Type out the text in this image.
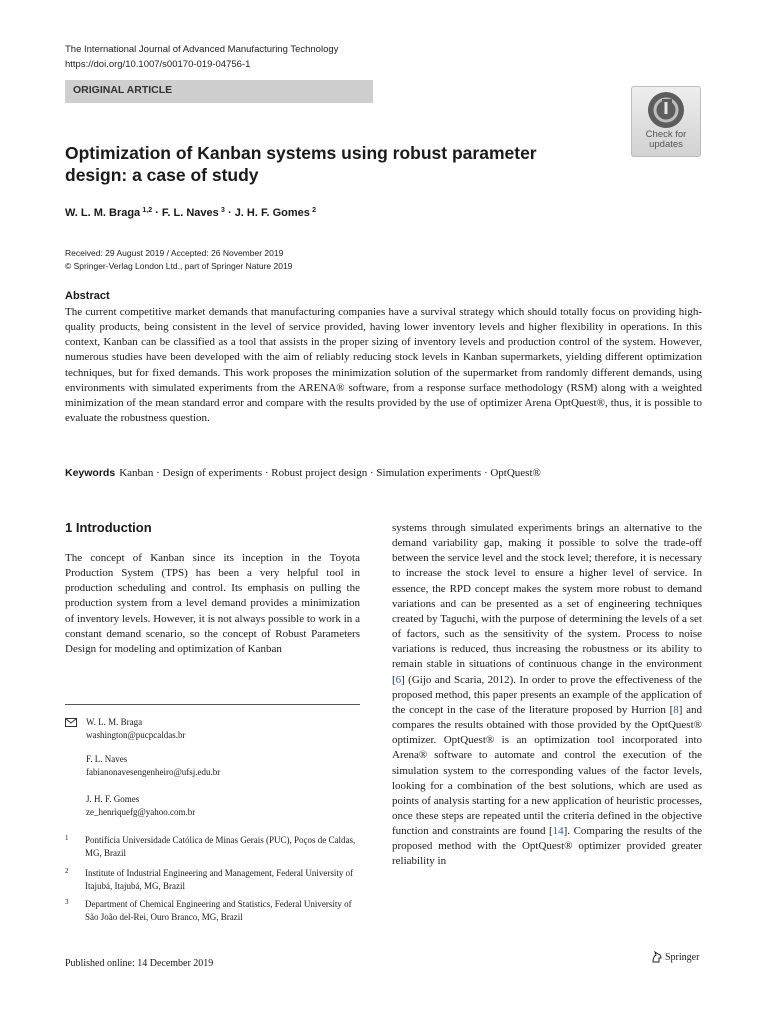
The International Journal of Advanced Manufacturing Technology
https://doi.org/10.1007/s00170-019-04756-1
ORIGINAL ARTICLE
Check for
updates
Optimization of Kanban systems using robust parameter
design: a case of study
W. L. M. Braga  $^{1,2}$ · F. L. Naves  $^3$ · J. H. F. Gomes  $^2$
Received: 29 August 2019 / Accepted: 26 November 2019
© Springer-Verlag London Ltd., part of Springer Nature 2019
Abstract
The current competitive market demands that manufacturing companies have a survival strategy which should totally focus on providing high-quality products, being consistent in the level of service provided, having lower inventory levels and higher flexibility in operations. In this context, Kanban can be classified as a tool that assists in the proper sizing of inventory levels and production control of the system. However, numerous studies have been developed with the aim of reliably reducing stock levels in Kanban supermarkets, yielding different optimization techniques, but for fixed demands. This work proposes the minimization solution of the supermarket from randomly different demands, using environments with simulated experiments from the ARENA® software, from a response surface methodology (RSM) along with a weighted minimization of the mean standard error and compare with the results provided by the use of optimizer Arena OptQuest®, thus, it is possible to evaluate the robustness question.
Keywords Kanban · Design of experiments · Robust project design · Simulation experiments · OptQuest®
1 Introduction
The concept of Kanban since its inception in the Toyota Production System (TPS) has been a very helpful tool in production scheduling and control. Its emphasis on pulling the production system from a level demand provides a minimization of inventory levels. However, it is not always possible to work in a constant demand scenario, so the concept of Robust Parameters Design for modeling and optimization of Kanban
systems through simulated experiments brings an alternative to the demand variability gap, making it possible to solve the trade-off between the service level and the stock level; therefore, it is necessary to increase the stock level to ensure a higher level of service. In essence, the RPD concept makes the system more robust to demand variations and can be presented as a set of engineering techniques created by Taguchi, with the purpose of determining the levels of a set of factors, such as the sensitivity of the system. Process to noise variations is reduced, thus increasing the robustness or its ability to remain stable in situations of continuous change in the environment [6] (Gijo and Scaria, 2012). In order to prove the effectiveness of the proposed method, this paper presents an example of the application of the concept in the case of the literature proposed by Hurrion [8] and compares the results obtained with those provided by the OptQuest® optimizer. OptQuest® is an optimization tool incorporated into Arena® software to automate and control the execution of the simulation system to the corresponding values of the factor levels, looking for a combination of the best solutions, which are used as points of analysis starting for a new application of heuristic processes, once these steps are repeated until the criteria defined in the objective function and constraints are found [14]. Comparing the results of the proposed method with the OptQuest® optimizer provided greater reliability in
W. L. M. Braga
washington@pucpcaldas.br
F. L. Naves
fabianonavesengenheiro@ufsj.edu.br
J. H. F. Gomes
ze_henriquefg@yahoo.com.br
1 Pontifícia Universidade Católica de Minas Gerais (PUC), Poços de Caldas, MG, Brazil
2 Institute of Industrial Engineering and Management, Federal University of Itajubá, Itajubá, MG, Brazil
3 Department of Chemical Engineering and Statistics, Federal University of São João del-Rei, Ouro Branco, MG, Brazil
Published online: 14 December 2019
Springer
